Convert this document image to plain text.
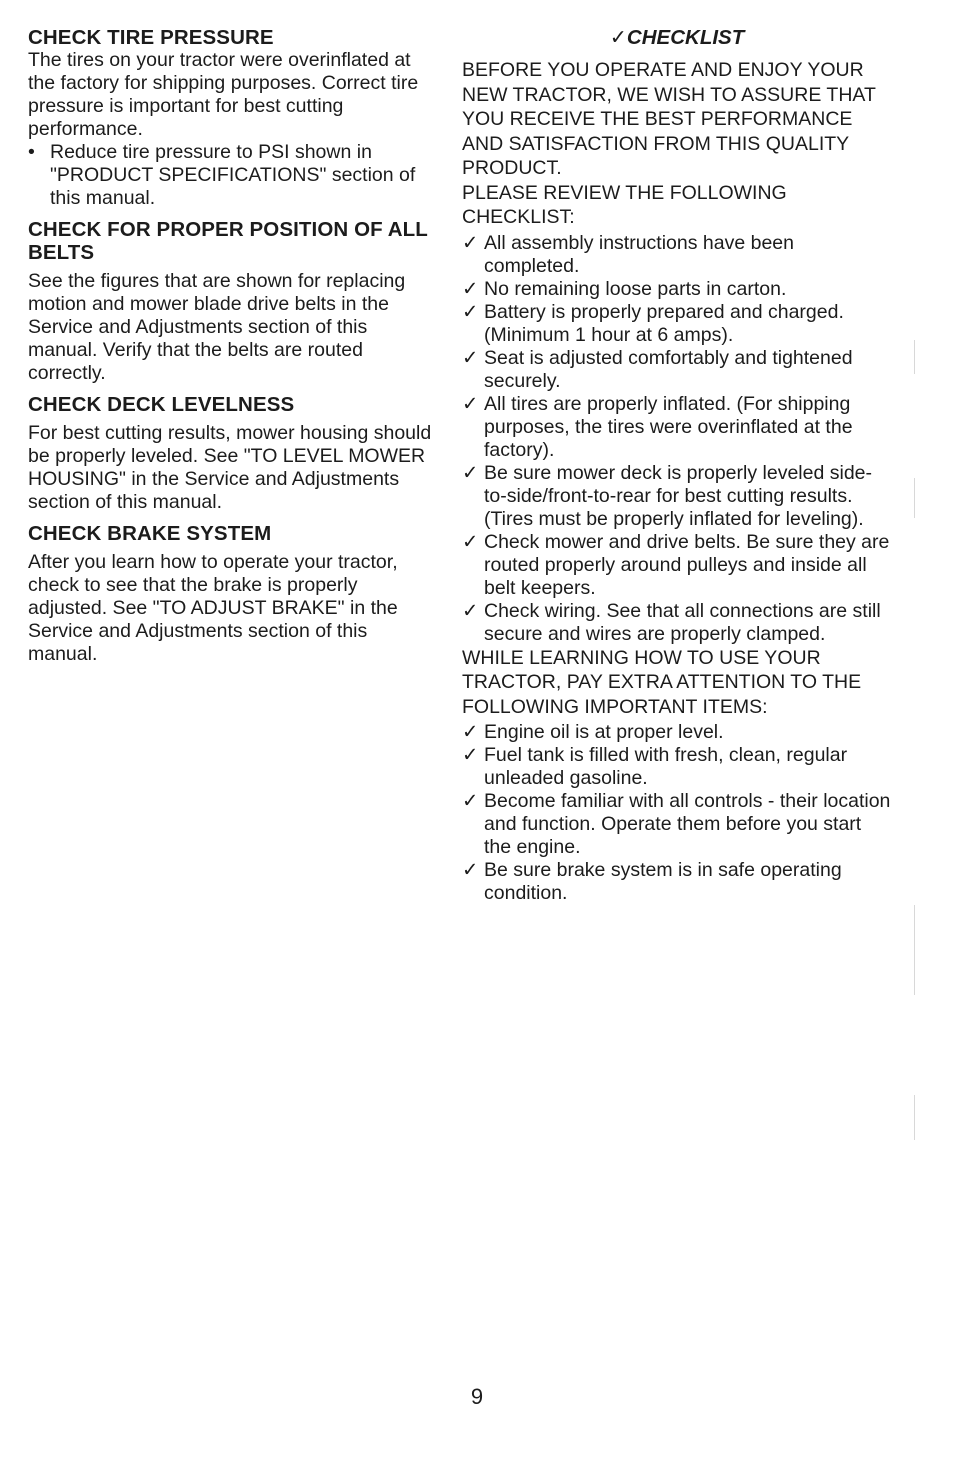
CHECK TIRE PRESSURE

The tires on your tractor were overinflated at the factory for shipping purposes. Correct tire pressure is important for best cutting performance.

• Reduce tire pressure to PSI shown in "PRODUCT SPECIFICATIONS" section of this manual.
CHECK FOR PROPER POSITION OF ALL BELTS

See the figures that are shown for replacing motion and mower blade drive belts in the Service and Adjustments section of this manual. Verify that the belts are routed correctly.

CHECK DECK LEVELNESS

For best cutting results, mower housing should be properly leveled. See "TO LEVEL MOWER HOUSING" in the Service and Adjustments section of this manual.

CHECK BRAKE SYSTEM

After you learn how to operate your tractor, check to see that the brake is properly adjusted. See "TO ADJUST BRAKE" in the Service and Adjustments section of this manual.

✓CHECKLIST

BEFORE YOU OPERATE AND ENJOY YOUR NEW TRACTOR, WE WISH TO ASSURE THAT YOU RECEIVE THE BEST PERFORMANCE AND SATISFACTION FROM THIS QUALITY PRODUCT.

PLEASE REVIEW THE FOLLOWING CHECKLIST:

✓ All assembly instructions have been completed.
✓ No remaining loose parts in carton.
✓ Battery is properly prepared and charged. (Minimum 1 hour at 6 amps).
✓ Seat is adjusted comfortably and tightened securely.
✓ All tires are properly inflated. (For shipping purposes, the tires were overinflated at the factory).
✓ Be sure mower deck is properly leveled side-to-side/front-to-rear for best cutting results. (Tires must be properly inflated for leveling).
✓ Check mower and drive belts. Be sure they are routed properly around pulleys and inside all belt keepers.
✓ Check wiring. See that all connections are still secure and wires are properly clamped.

WHILE LEARNING HOW TO USE YOUR TRACTOR, PAY EXTRA ATTENTION TO THE FOLLOWING IMPORTANT ITEMS:

✓ Engine oil is at proper level.
✓ Fuel tank is filled with fresh, clean, regular unleaded gasoline.
✓ Become familiar with all controls - their location and function. Operate them before you start the engine.
✓ Be sure brake system is in safe operating condition.
9
